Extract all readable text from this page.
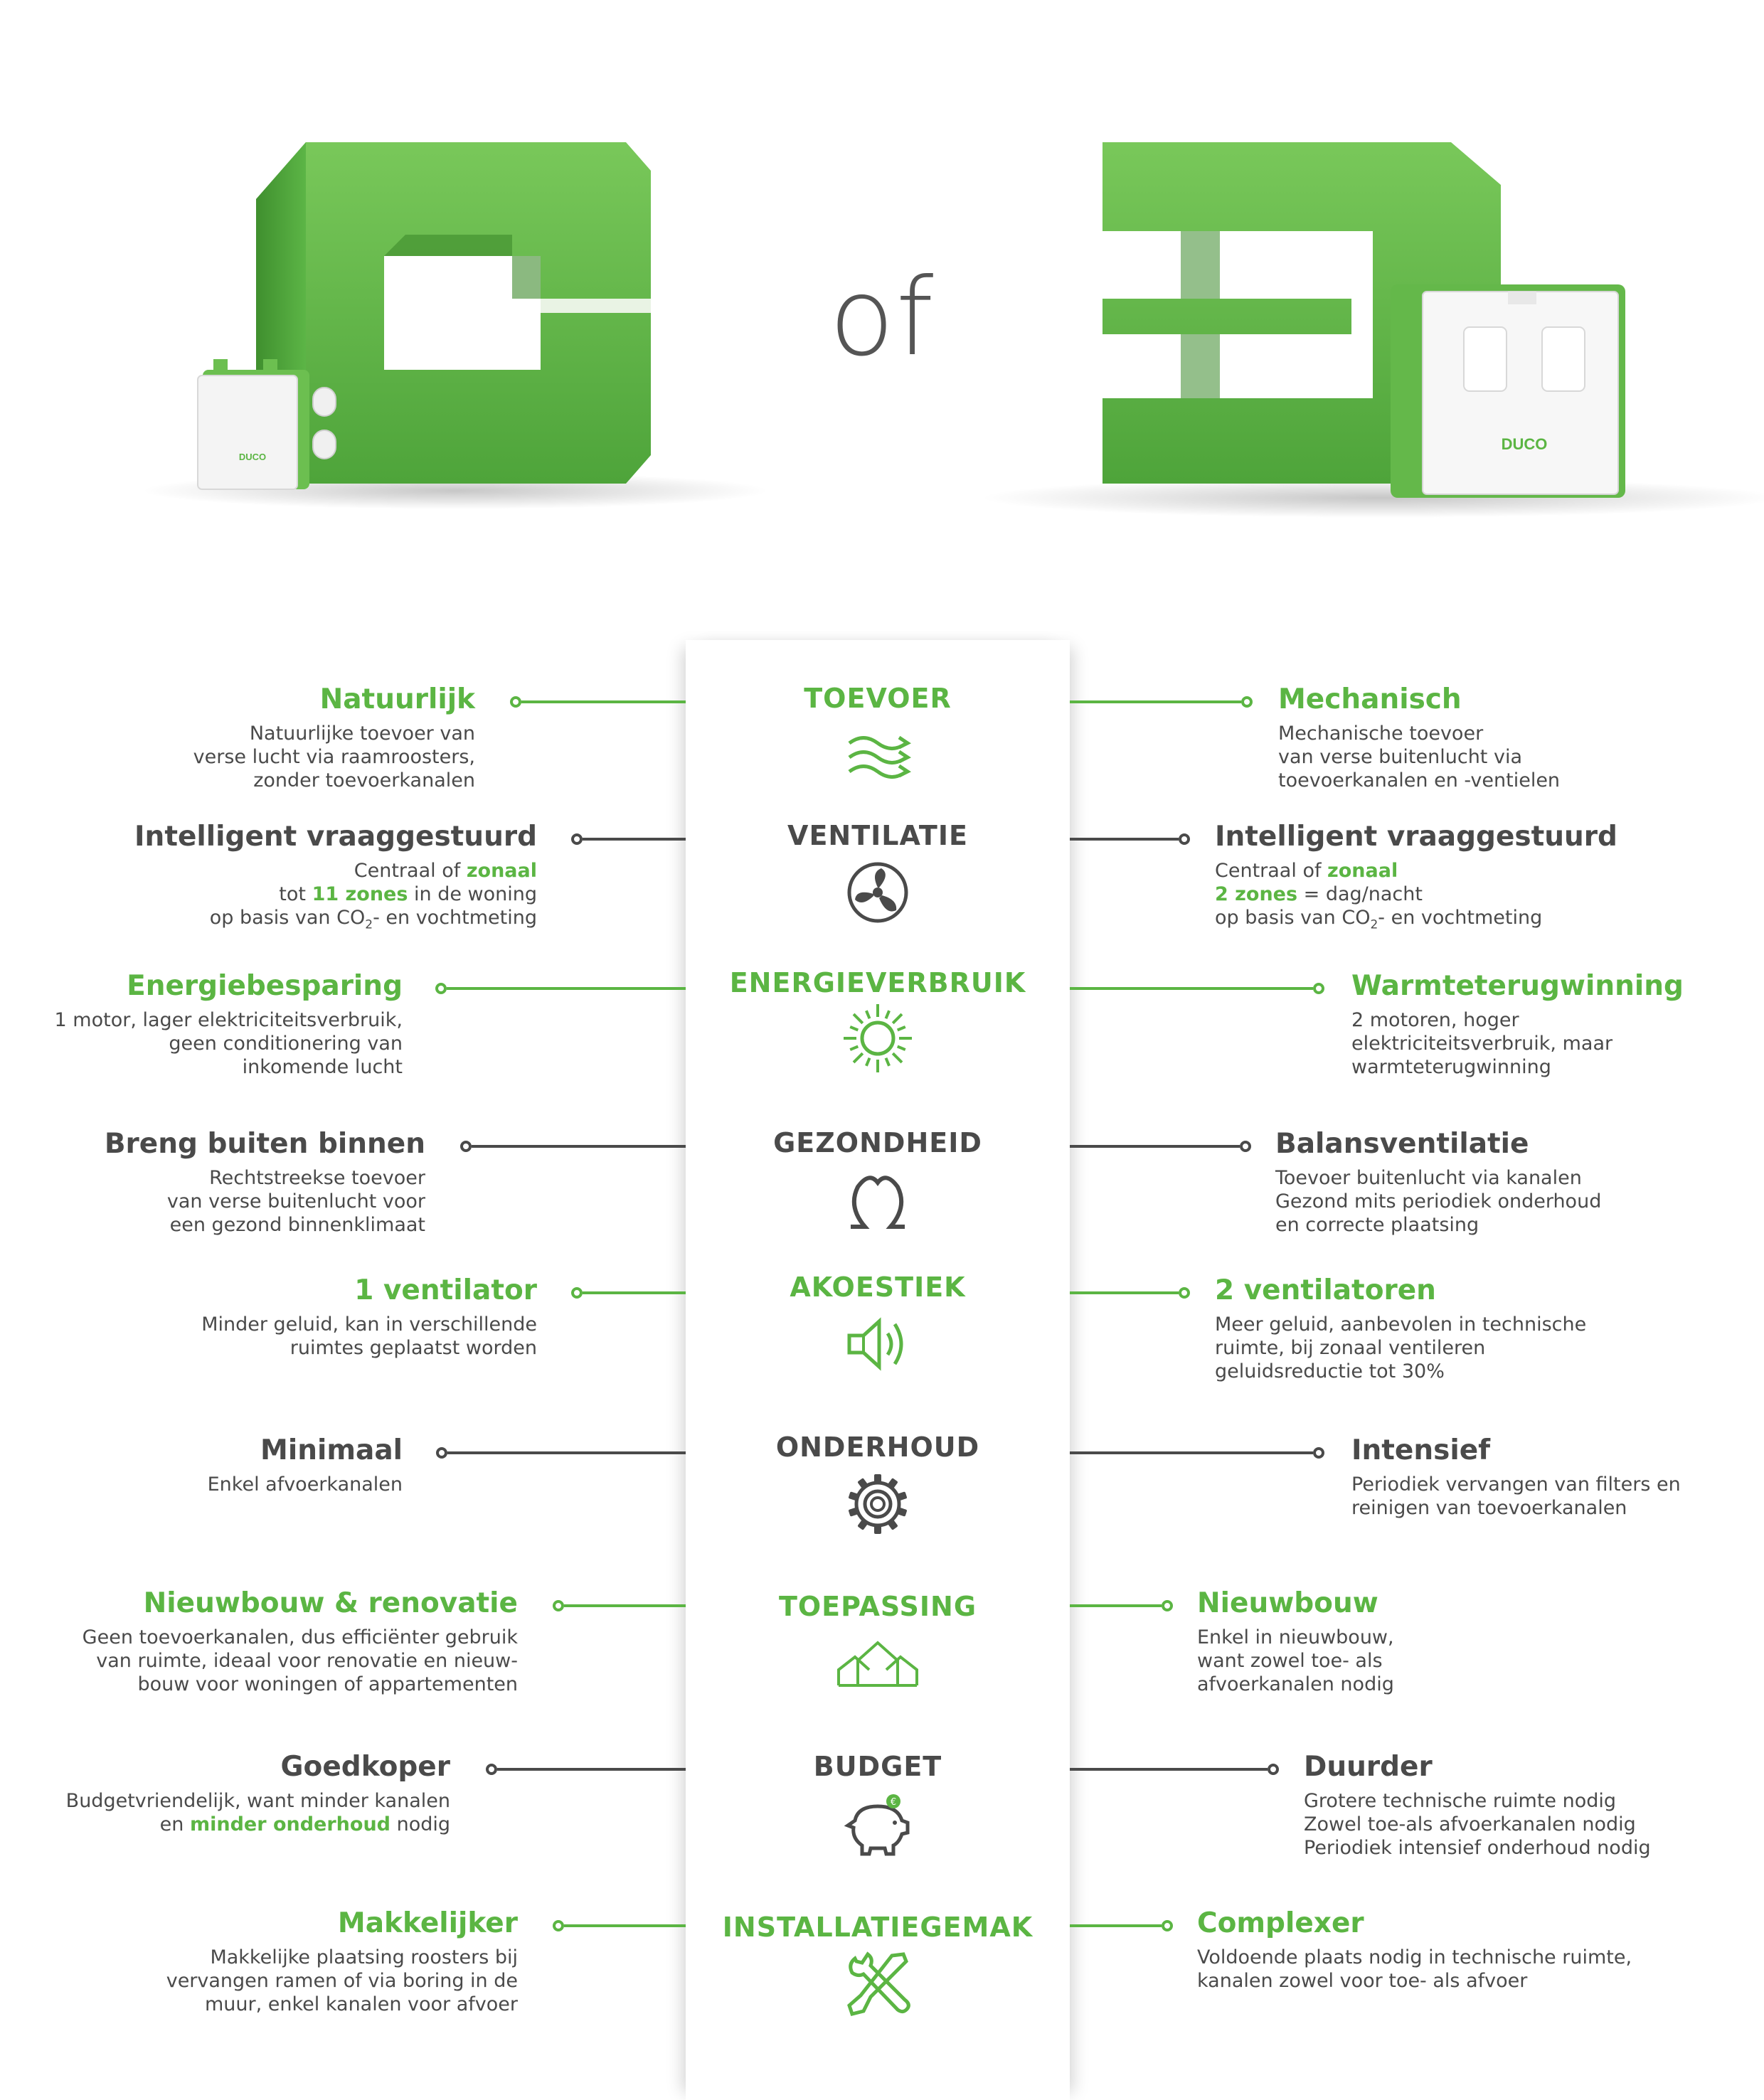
DUCO
DUCO
of
TOEVOER
Natuurlijk
Natuurlijke toevoer van
verse lucht via raamroosters,
zonder toevoerkanalen
Mechanisch
Mechanische toevoer
van verse buitenlucht via
toevoerkanalen en -ventielen
VENTILATIE
Intelligent vraaggestuurd
Centraal of zonaal
tot 11 zones in de woning
op basis van $CO_2-$ en vochtmeting
Intelligent vraaggestuurd
Centraal of zonaal
2 zones = dag/nacht
op basis van $CO_2-$ en vochtmeting
ENERGIEVERBRUIK
Energiebesparing
1 motor, lager elektriciteitsverbruik,
geen conditionering van
inkomende lucht
Warmteterugwinning
2 motoren, hoger
elektriciteitsverbruik, maar
warmteterugwinning
GEZONDHEID
Breng buiten binnen
Rechtstreekse toevoer
van verse buitenlucht voor
een gezond binnenklimaat
Balansventilatie
Toevoer buitenlucht via kanalen
Gezond mits periodiek onderhoud
en correcte plaatsing
AKOESTIEK
1 ventilator
Minder geluid, kan in verschillende
ruimtes geplaatst worden
2 ventilatoren
Meer geluid, aanbevolen in technische
ruimte, bij zonaal ventileren
geluidsreductie tot 30%
ONDERHOUD
Minimaal
Enkel afvoerkanalen
Intensief
Periodiek vervangen van filters en
reinigen van toevoerkanalen
TOEPASSING
Nieuwbouw & renovatie
Geen toevoerkanalen, dus efficiënter gebruik
van ruimte, ideaal voor renovatie en nieuw-
bouw voor woningen of appartementen
Nieuwbouw
Enkel in nieuwbouw,
want zowel toe- als
afvoerkanalen nodig
BUDGET
€
Goedkoper
Budgetvriendelijk, want minder kanalen
en minder onderhoud nodig
Duurder
Grotere technische ruimte nodig
Zowel toe-als afvoerkanalen nodig
Periodiek intensief onderhoud nodig
INSTALLATIEGEMAK
Makkelijker
Makkelijke plaatsing roosters bij
vervangen ramen of via boring in de
muur, enkel kanalen voor afvoer
Complexer
Voldoende plaats nodig in technische ruimte,
kanalen zowel voor toe- als afvoer
